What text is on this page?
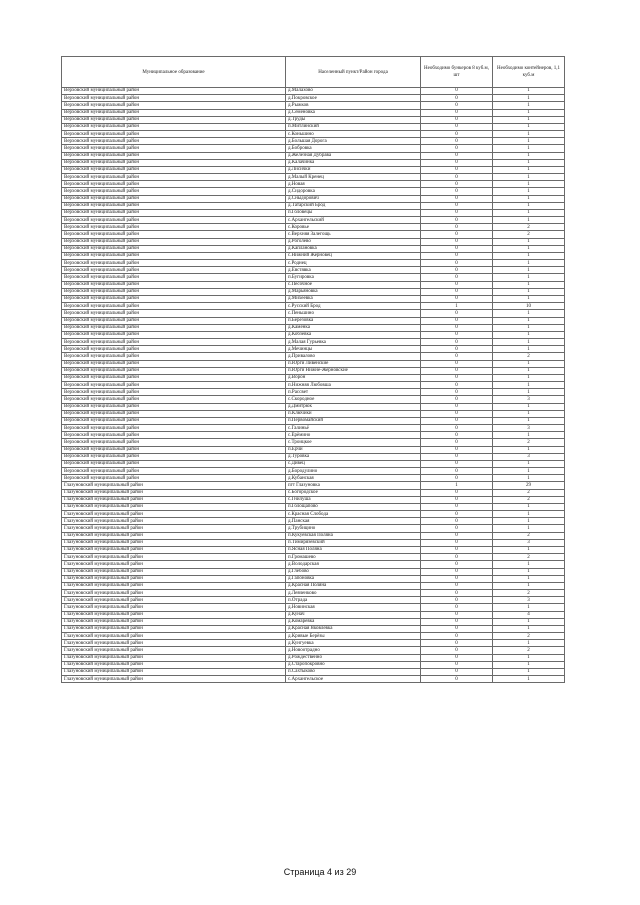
Муниципальное образование	Населенный пункт/Район города	Необходимо бункеров 8 куб.м, шт	Необходимо контейнеров, 1,1 куб.м
Верховский муниципальный район	д.Малахово	0	1
Верховский муниципальный район	д.Покровское	0	1
Верховский муниципальный район	д.Рыжков	0	1
Верховский муниципальный район	д.Семёновка	0	1
Верховский муниципальный район	д.Труды	0	1
Верховский муниципальный район	п.Митлинский	0	1
Верховский муниципальный район	с.Коньшино	0	1
Верховский муниципальный район	д.Большая Дорога	0	1
Верховский муниципальный район	д.Бобровка	0	1
Верховский муниципальный район	д.Железная Дубрава	0	1
Верховский муниципальный район	д.Калачинка	0	1
Верховский муниципальный район	д.Лисички	0	1
Верховский муниципальный район	д.Малый Кренец	0	1
Верховский муниципальный район	д.Новая	0	1
Верховский муниципальный район	д.Сидоровка	0	1
Верховский муниципальный район	д.Сныдорович	0	1
Верховский муниципальный район	д.Татарский Брод	0	1
Верховский муниципальный район	п.Головецы	0	1
Верховский муниципальный район	с.Архангельский	0	1
Верховский муниципальный район	с.Коровье	0	2
Верховский муниципальный район	с.Верхняя Залегощь	0	2
Верховский муниципальный район	д.Роголево	0	1
Верховский муниципальный район	д.Каплановка	0	1
Верховский муниципальный район	с.Нижний Жерновец	0	1
Верховский муниципальный район	с.Роднец	0	1
Верховский муниципальный район	д.Евстявка	0	1
Верховский муниципальный район	п.Бугировка	0	1
Верховский муниципальный район	с.Песочное	0	1
Верховский муниципальный район	д.Марьяновка	0	1
Верховский муниципальный район	д.Михеевка	0	1
Верховский муниципальный район	с.Русский Брод	1	10
Верховский муниципальный район	с.Пеньшино	0	1
Верховский муниципальный район	п.Березовка	0	1
Верховский муниципальный район	д.Каменка	0	1
Верховский муниципальный район	д.Кобзевка	0	1
Верховский муниципальный район	д.Малая Гурьевка	0	1
Верховский муниципальный район	д.Мечинцы	0	1
Верховский муниципальный район	д.Привалово	0	2
Верховский муниципальный район	п.Юрги Ливенские	0	1
Верховский муниципальный район	п.Юрги Нижне-Жерновские	0	1
Верховский муниципальный район	д.Ворон	0	1
Верховский муниципальный район	п.Нижняя Любовша	0	1
Верховский муниципальный район	п.Рассвет	0	1
Верховский муниципальный район	с.Скородное	0	3
Верховский муниципальный район	д.Дмитрюк	0	1
Верховский муниципальный район	п.Ключики	0	1
Верховский муниципальный район	п.Первомайский	0	1
Верховский муниципальный район	с.Галиньё	0	3
Верховский муниципальный район	с.Ерёмино	0	1
Верховский муниципальный район	с.Троицкое	0	2
Верховский муниципальный район	п.Ерчи	0	1
Верховский муниципальный район	д.Туровка	0	3
Верховский муниципальный район	с.Дивец	0	1
Верховский муниципальный район	д.Бородулино	0	1
Верховский муниципальный район	д.Кубанская	0	1
Глазуновский муниципальный район	пгт Глазуновка	1	29
Глазуновский муниципальный район	с.Богородское	0	2
Глазуновский муниципальный район	с.Гнилуша	0	2
Глазуновский муниципальный район	п.Голощапово	0	1
Глазуновский муниципальный район	с.Красная Слобода	0	1
Глазуновский муниципальный район	д.Панская	0	1
Глазуновский муниципальный район	д.Трубицино	0	1
Глазуновский муниципальный район	п.Кукуевская Поляна	0	2
Глазуновский муниципальный район	п.Тимирязевский	0	3
Глазуновский муниципальный район	п.Ясная Поляна	0	1
Глазуновский муниципальный район	п.Громашево	0	2
Глазуновский муниципальный район	д.Володарская	0	1
Глазуновский муниципальный район	д.Глебово	0	1
Глазуновский муниципальный район	д.Гапоновка	0	1
Глазуновский муниципальный район	д.Красная Поляна	0	1
Глазуновский муниципальный район	д.Левченково	0	2
Глазуновский муниципальный район	п.Отрада	0	3
Глазуновский муниципальный район	д.Новинская	0	1
Глазуновский муниципальный район	д.Кунач	0	4
Глазуновский муниципальный район	д.Комарёвка	0	1
Глазуновский муниципальный район	д.Красная Яковлевка	0	1
Глазуновский муниципальный район	д.Кривые Берёзы	0	2
Глазуновский муниципальный район	д.Кунгуевка	0	1
Глазуновский муниципальный район	д.Новоотрадно	0	2
Глазуновский муниципальный район	д.Рождественно	0	1
Глазуновский муниципальный район	д.Старопокровно	0	1
Глазуновский муниципальный район	п.Сахтыково	0	1
Глазуновский муниципальный район	с.Архангельское	0	1
Страница 4 из 29
